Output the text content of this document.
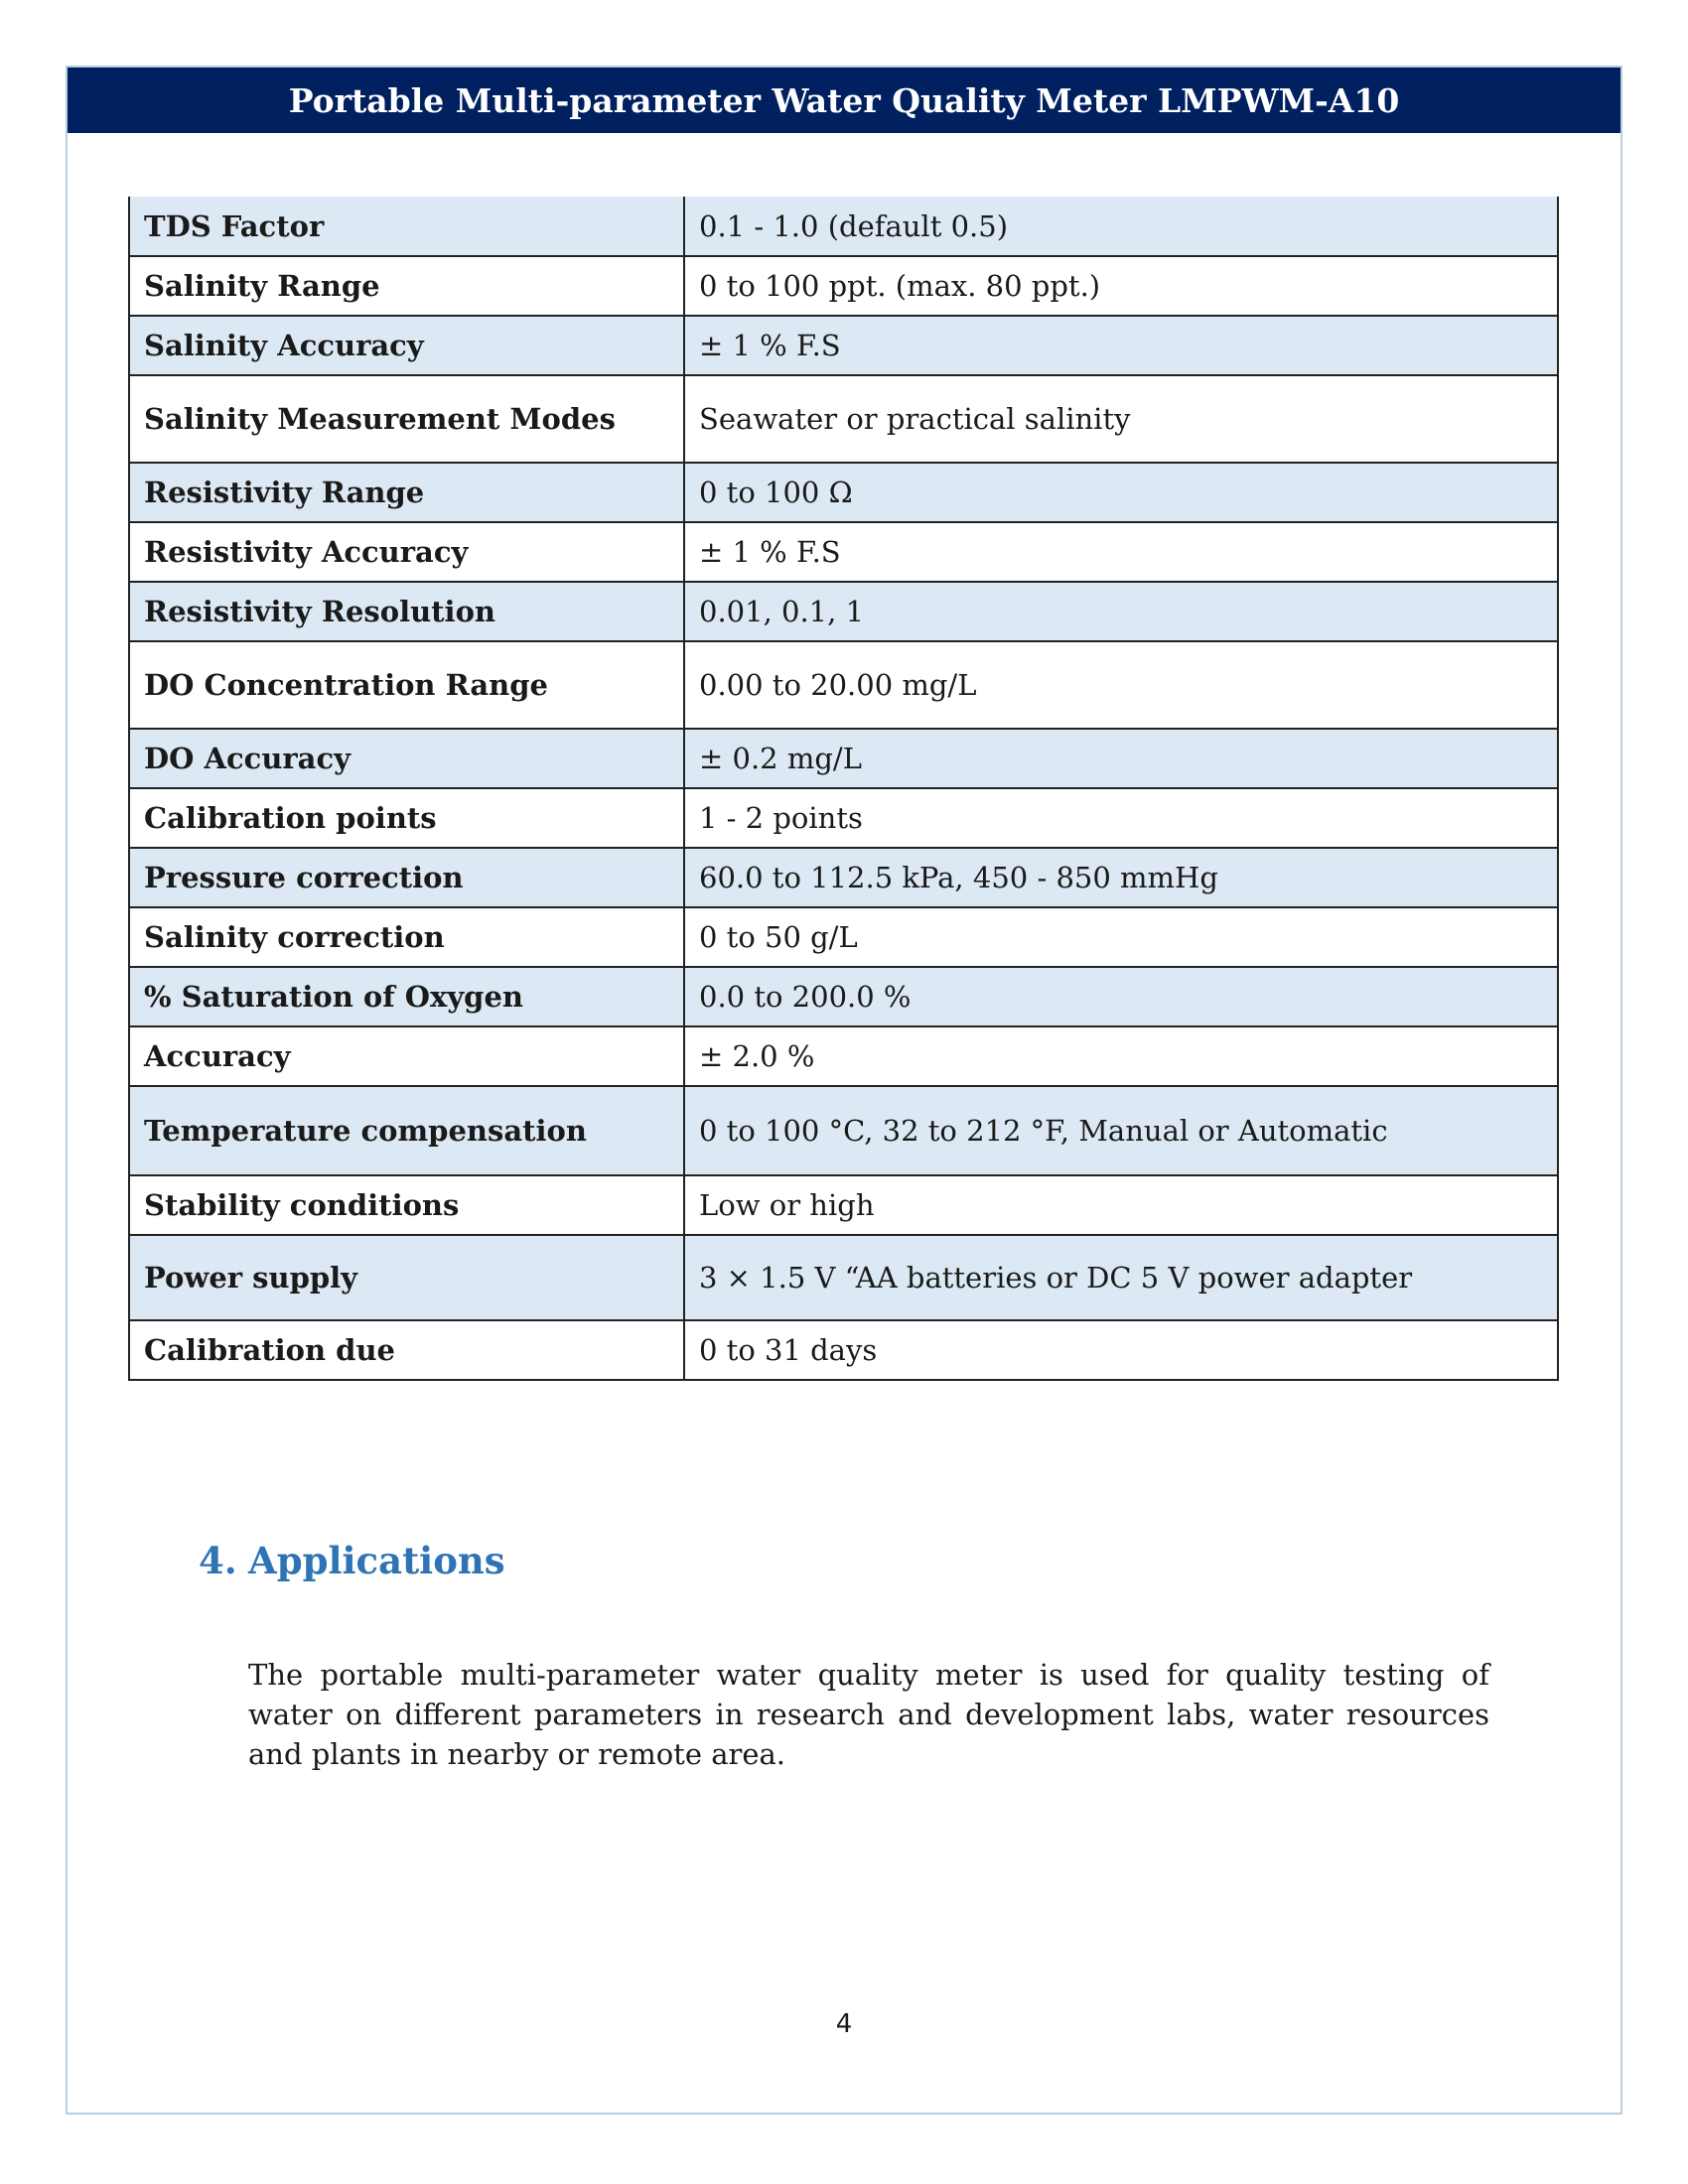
Portable Multi-parameter Water Quality Meter LMPWM-A10
TDS Factor	0.1 - 1.0 (default 0.5)
Salinity Range	0 to 100 ppt. (max. 80 ppt.)
Salinity Accuracy	± 1 % F.S
Salinity Measurement Modes	Seawater or practical salinity
Resistivity Range	0 to 100 Ω
Resistivity Accuracy	± 1 % F.S
Resistivity Resolution	0.01, 0.1, 1
DO Concentration Range	0.00 to 20.00 mg/L
DO Accuracy	± 0.2 mg/L
Calibration points	1 - 2 points
Pressure correction	60.0 to 112.5 kPa, 450 - 850 mmHg
Salinity correction	0 to 50 g/L
% Saturation of Oxygen	0.0 to 200.0 %
Accuracy	± 2.0 %
Temperature compensation	0 to 100 °C, 32 to 212 °F, Manual or Automatic
Stability conditions	Low or high
Power supply	3 × 1.5 V “AA batteries or DC 5 V power adapter
Calibration due	0 to 31 days
4. Applications

The portable multi-parameter water quality meter is used for quality testing of water on different parameters in research and development labs, water resources and plants in nearby or remote area.

4
